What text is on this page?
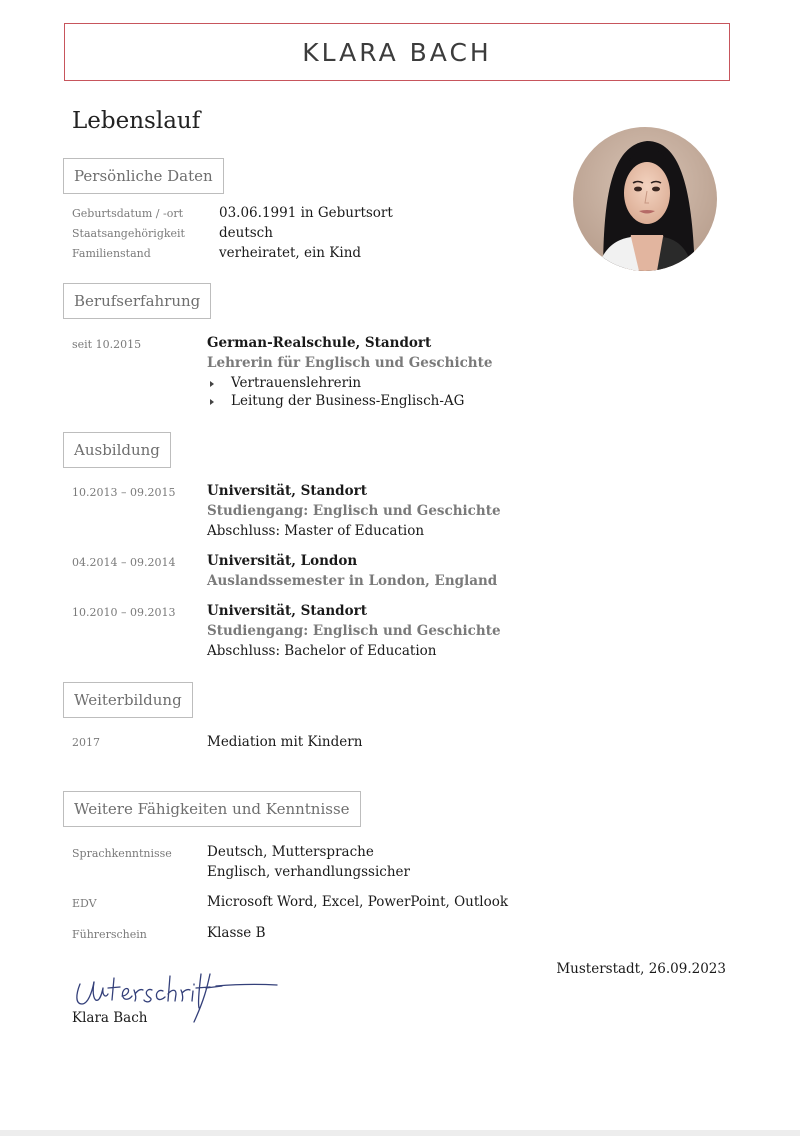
KLARA BACH
Lebenslauf
Persönliche Daten
Geburtsdatum / -ort	03.06.1991 in Geburtsort
Staatsangehörigkeit	deutsch
Familienstand	verheiratet, ein Kind
Berufserfahrung
seit 10.2015	German-Realschule, Standort
Lehrerin für Englisch und Geschichte
Vertrauenslehrerin
Leitung der Business-Englisch-AG
Ausbildung
10.2013 – 09.2015 Universität, Standort
Studiengang: Englisch und Geschichte
Abschluss: Master of Education
04.2014 – 09.2014 Universität, London
Auslandssemester in London, England
10.2010 – 09.2013 Universität, Standort
Studiengang: Englisch und Geschichte
Abschluss: Bachelor of Education
Weiterbildung
2017	Mediation mit Kindern
Weitere Fähigkeiten und Kenntnisse
Sprachkenntnisse	Deutsch, Muttersprache
Englisch, verhandlungssicher
EDV	Microsoft Word, Excel, PowerPoint, Outlook
Führerschein	Klasse B
Musterstadt, 26.09.2023
Klara Bach
